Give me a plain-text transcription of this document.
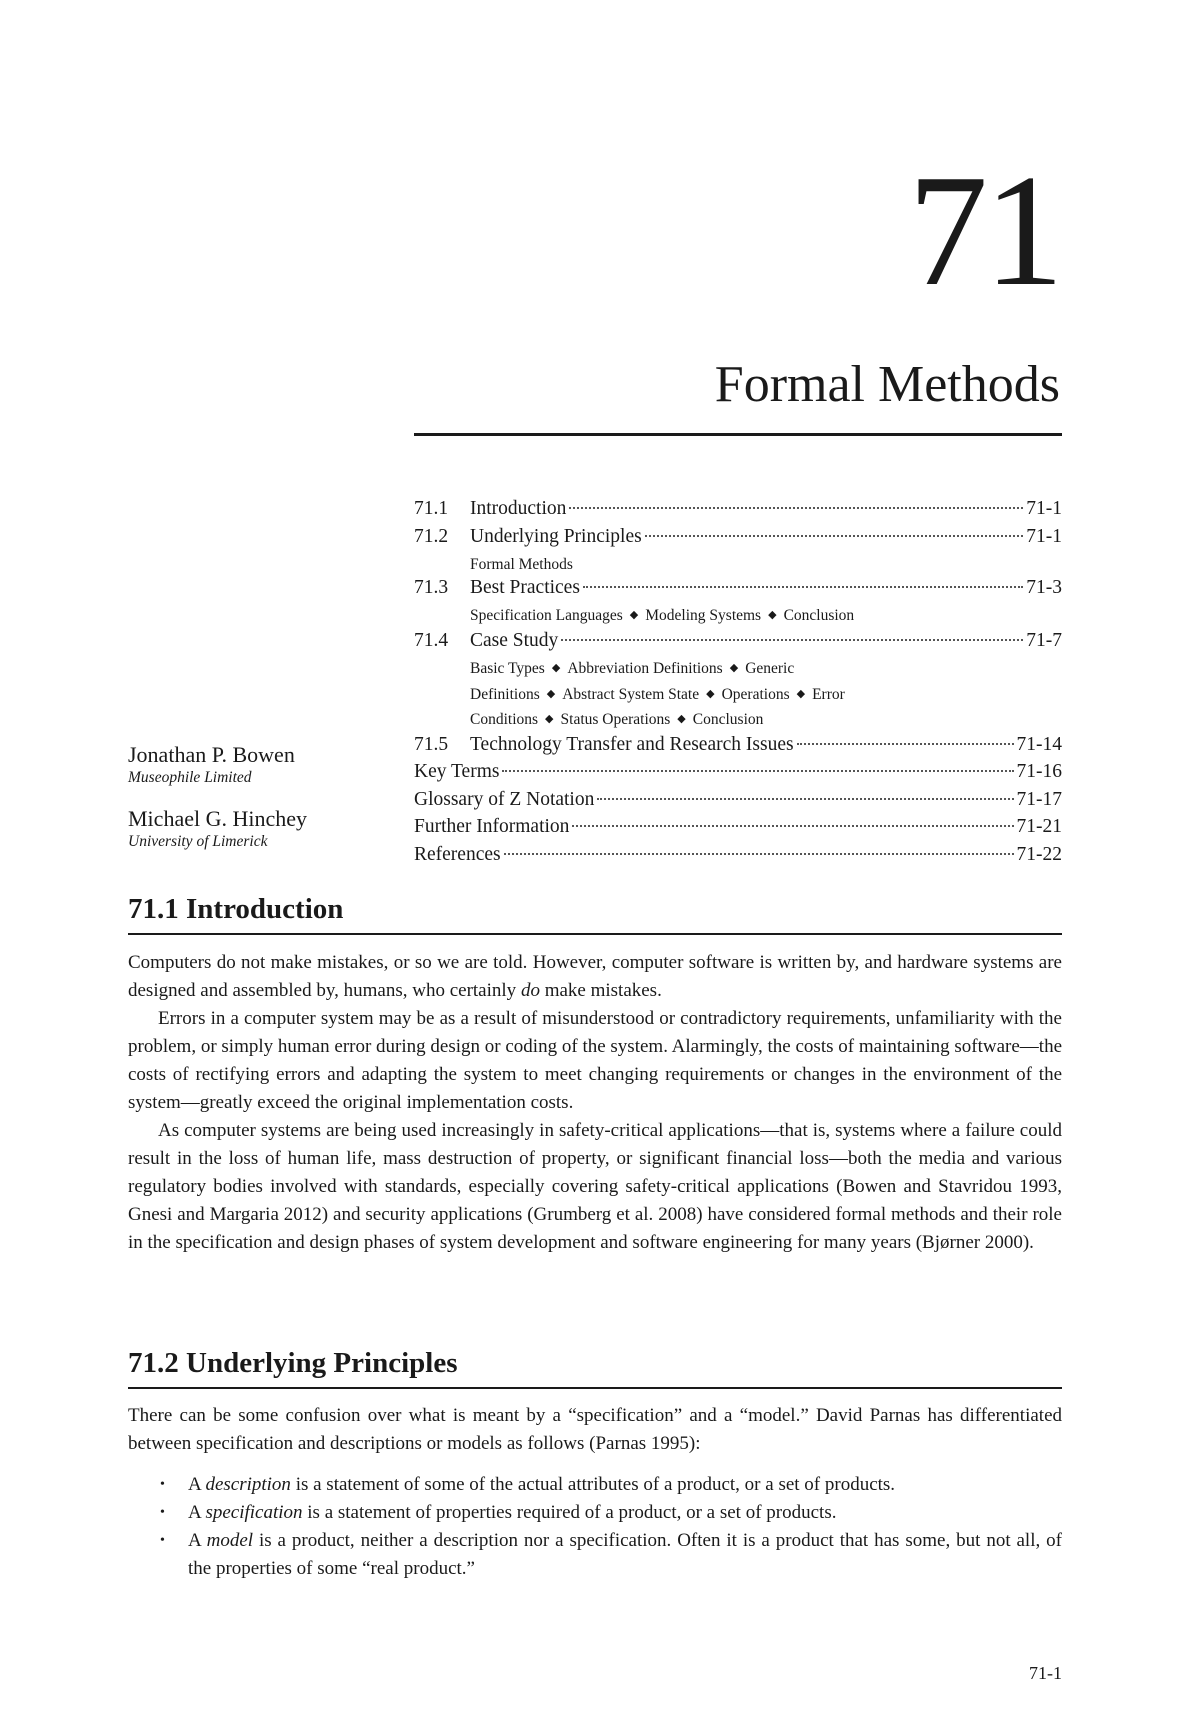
71
Formal Methods
71.1	Introduction	71-1
71.2	Underlying Principles	71-1
Formal Methods
71.3	Best Practices	71-3
Specification Languages ◆ Modeling Systems ◆ Conclusion
71.4	Case Study	71-7
Basic Types ◆ Abbreviation Definitions ◆ Generic
Definitions ◆ Abstract System State ◆ Operations ◆ Error
Conditions ◆ Status Operations ◆ Conclusion
71.5	Technology Transfer and Research Issues	71-14
Key Terms	71-16
Glossary of Z Notation	71-17
Further Information	71-21
References	71-22
Jonathan P. Bowen
Museophile Limited
Michael G. Hinchey
University of Limerick
71.1 Introduction

Computers do not make mistakes, or so we are told. However, computer software is written by, and hardware systems are designed and assembled by, humans, who certainly do make mistakes.

Errors in a computer system may be as a result of misunderstood or contradictory requirements, unfamiliarity with the problem, or simply human error during design or coding of the system. Alarmingly, the costs of maintaining software—the costs of rectifying errors and adapting the system to meet changing requirements or changes in the environment of the system—greatly exceed the original implementation costs.

As computer systems are being used increasingly in safety-critical applications—that is, systems where a failure could result in the loss of human life, mass destruction of property, or significant financial loss—both the media and various regulatory bodies involved with standards, especially covering safety-critical applications (Bowen and Stavridou 1993, Gnesi and Margaria 2012) and security applications (Grumberg et al. 2008) have considered formal methods and their role in the specification and design phases of system development and software engineering for many years (Bjørner 2000).

71.2 Underlying Principles

There can be some confusion over what is meant by a “specification” and a “model.” David Parnas has differentiated between specification and descriptions or models as follows (Parnas 1995):

• A description is a statement of some of the actual attributes of a product, or a set of products.
• A specification is a statement of properties required of a product, or a set of products.
• A model is a product, neither a description nor a specification. Often it is a product that has some, but not all, of the properties of some “real product.”
71-1
